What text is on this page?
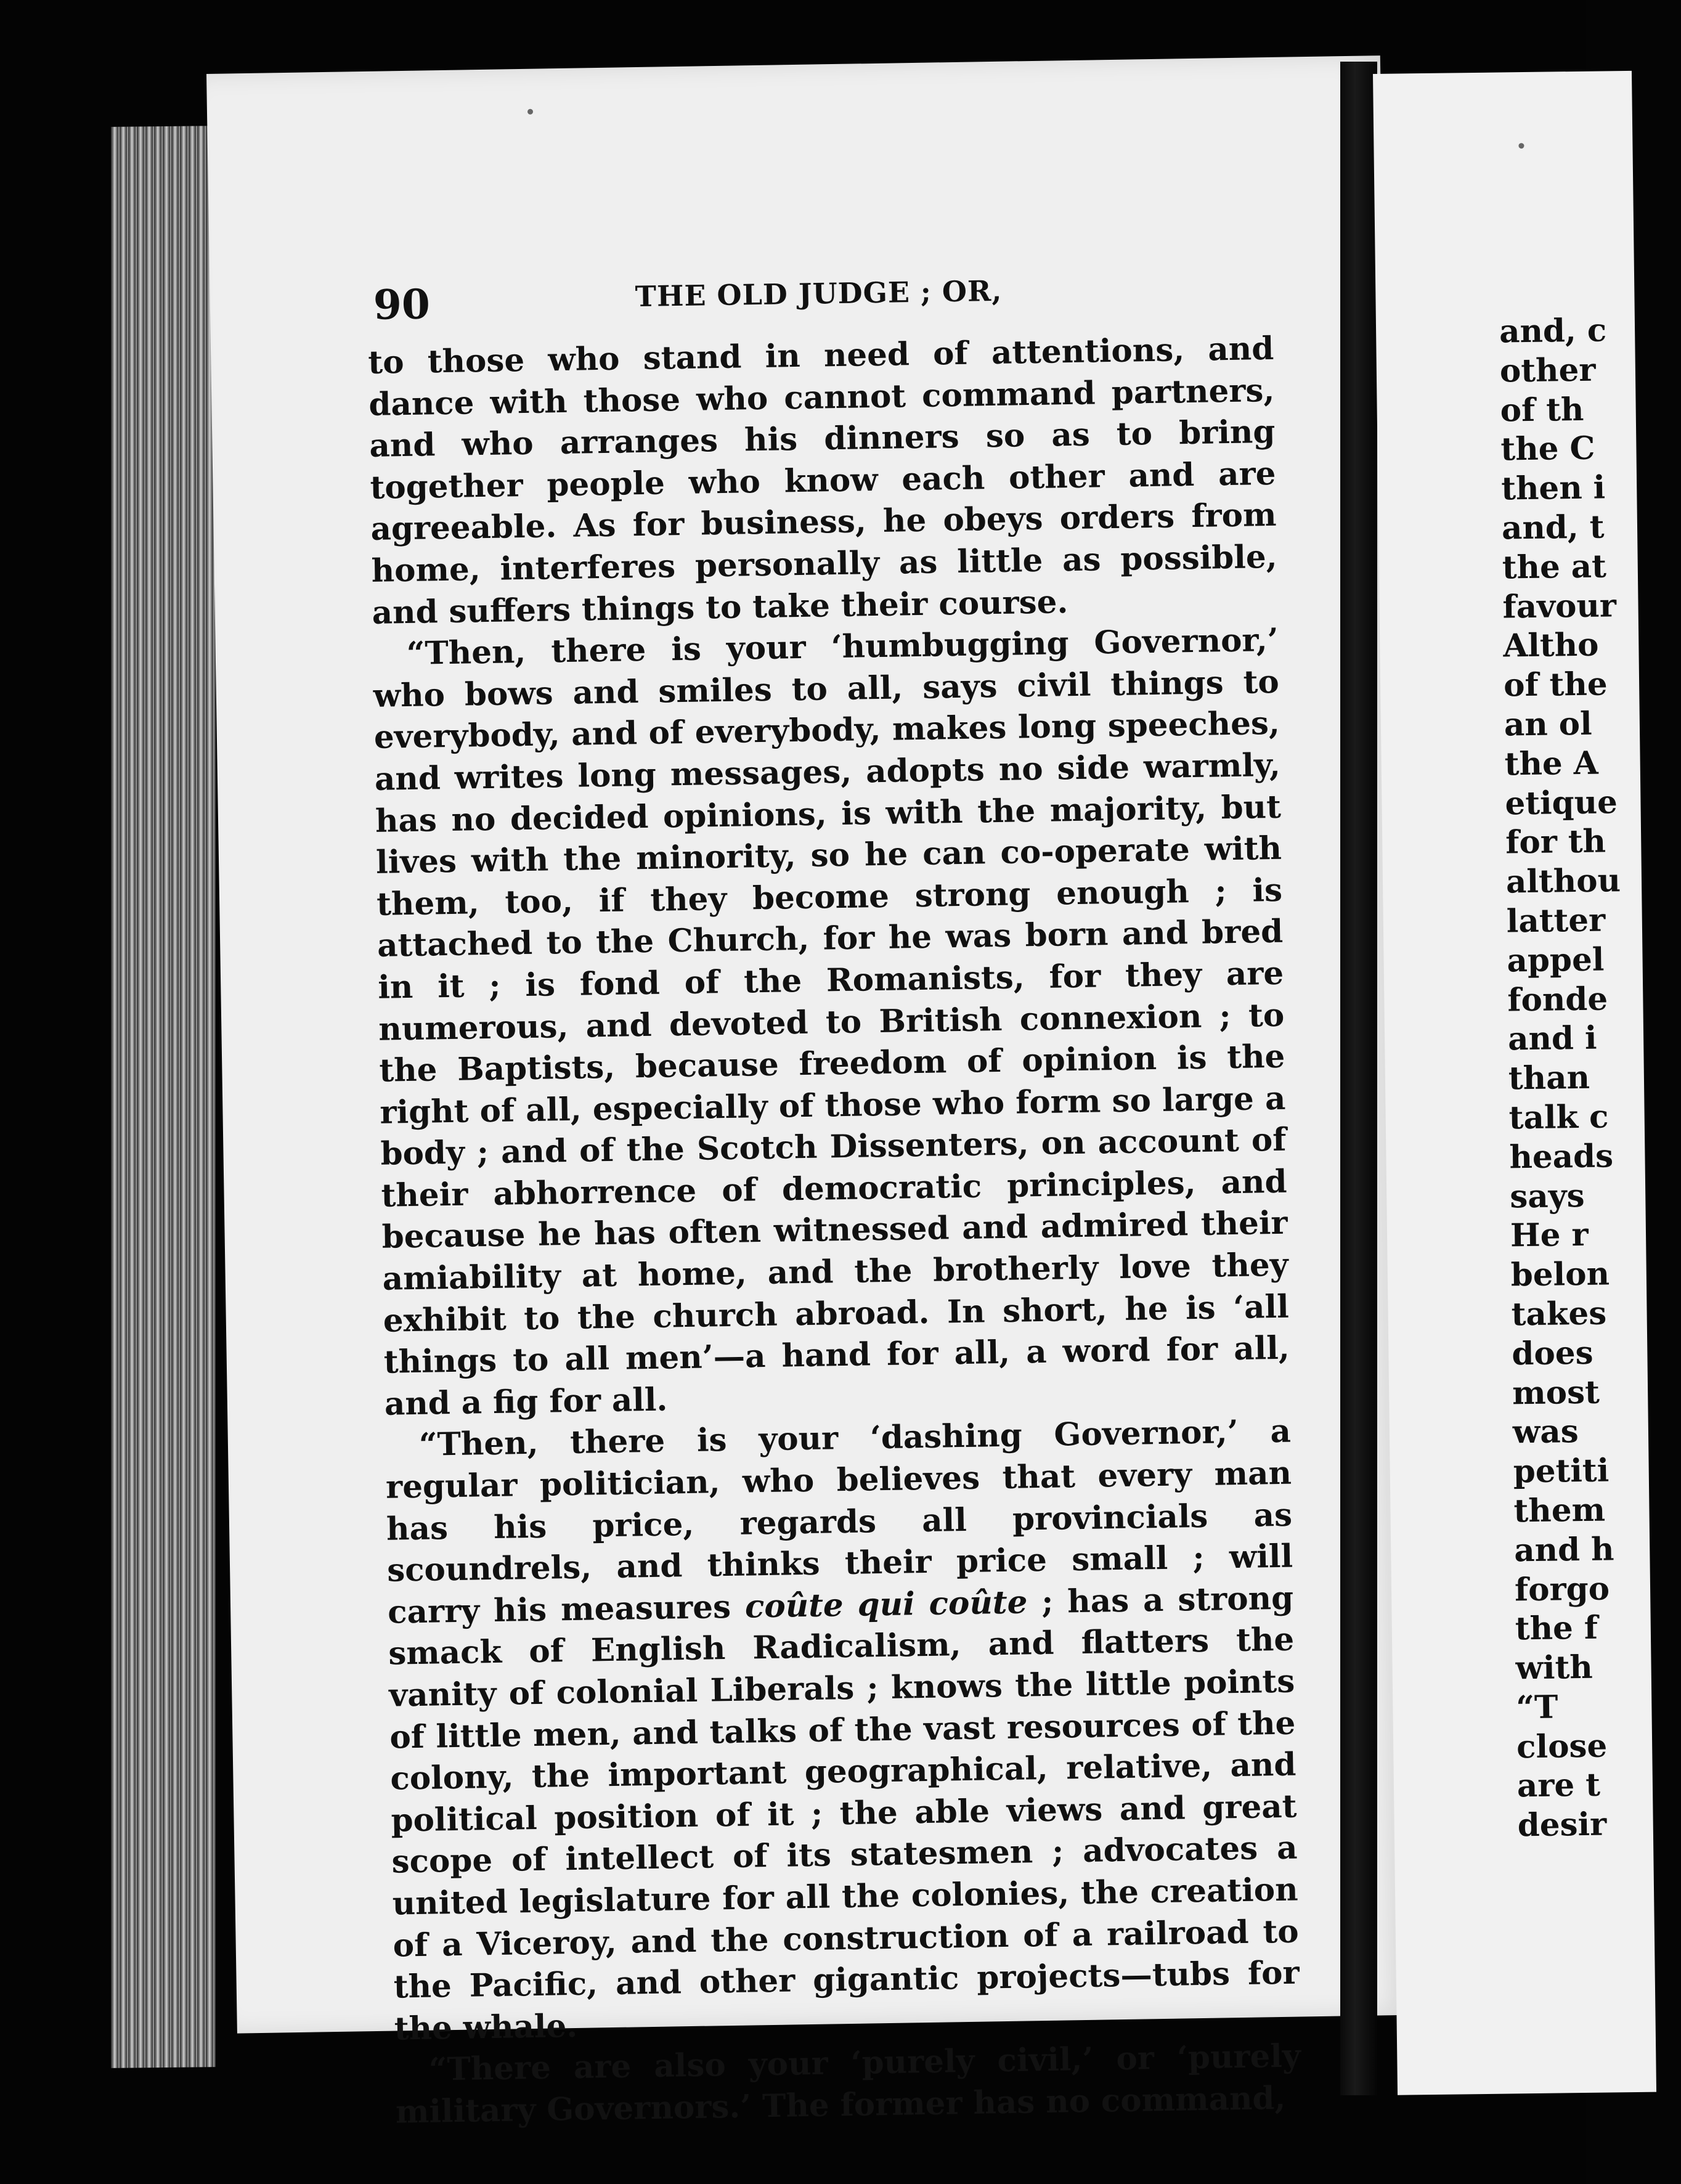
90	THE OLD JUDGE ; OR,

to those who stand in need of attentions, and dance with those who cannot command partners, and who arranges his dinners so as to bring together people who know each other and are agreeable. As for business, he obeys orders from home, interferes personally as little as possible, and suffers things to take their course.

“Then, there is your ‘humbugging Governor,’ who bows and smiles to all, says civil things to everybody, and of everybody, makes long speeches, and writes long messages, adopts no side warmly, has no decided opinions, is with the majority, but lives with the minority, so he can co-operate with them, too, if they become strong enough ; is attached to the Church, for he was born and bred in it ; is fond of the Romanists, for they are numerous, and devoted to British connexion ; to the Baptists, because freedom of opinion is the right of all, especially of those who form so large a body ; and of the Scotch Dissenters, on account of their abhorrence of democratic principles, and because he has often witnessed and admired their amiability at home, and the brotherly love they exhibit to the church abroad. In short, he is ‘all things to all men’—a hand for all, a word for all, and a fig for all.

“Then, there is your ‘dashing Governor,’ a regular politician, who believes that every man has his price, regards all provincials as scoundrels, and thinks their price small ; will carry his measures coûte qui coûte ; has a strong smack of English Radicalism, and flatters the vanity of colonial Liberals ; knows the little points of little men, and talks of the vast resources of the colony, the important geographical, relative, and political position of it ; the able views and great scope of intellect of its statesmen ; advocates a united legislature for all the colonies, the creation of a Viceroy, and the construction of a railroad to the Pacific, and other gigantic projects—tubs for the whale.

“There are also your ‘purely civil,’ or ‘purely military Governors.’ The former has no command,

and, c
other
of th
the C
then i
and, t
the at
favour
Altho
of the
an ol
the A
etique
for th
althou
latter
appel
fonde
and i
than
talk c
heads
says
He r
belon
takes
does
most
was
petiti
them
and h
forgo
the f
with
“T
close
are t
desir
